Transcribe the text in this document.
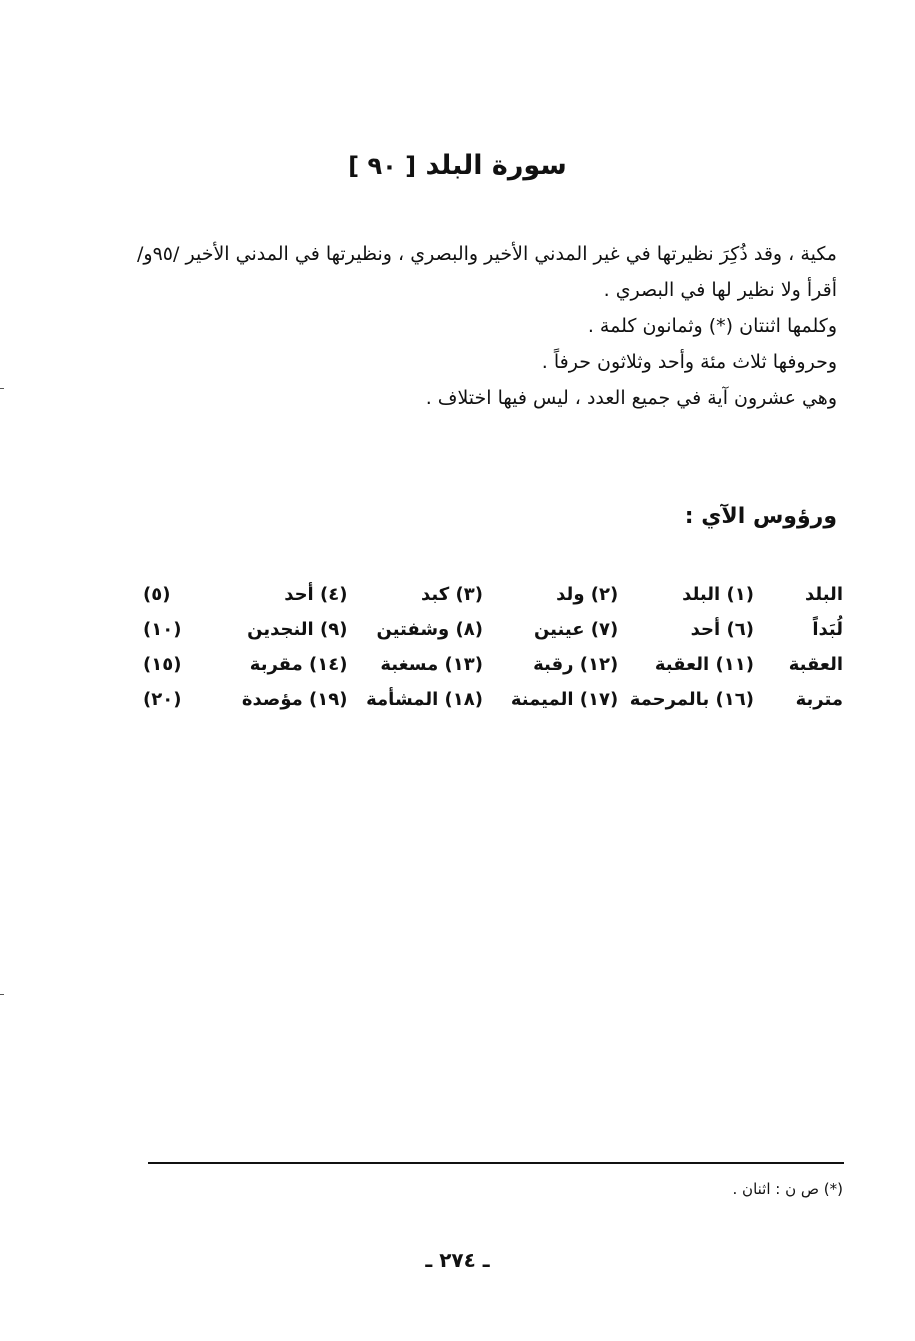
سورة البلد [ ٩٠ ]

مكية ، وقد ذُكِرَ نظيرتها في غير المدني الأخير والبصري ، ونظيرتها في المدني الأخير /٩٥و/ أقرأ ولا نظير لها في البصري .

وكلمها اثنتان (*) وثمانون كلمة .

وحروفها ثلاث مئة وأحد وثلاثون حرفاً .

وهي عشرون آية في جميع العدد ، ليس فيها اختلاف .

ورؤوس الآي :
البلد	(١) البلد	(٢) ولد	(٣) كبد	(٤) أحد	(٥)
لُبَداً	(٦) أحد	(٧) عينين	(٨) وشفتين	(٩) النجدين	(١٠)
العقبة	(١١) العقبة	(١٢) رقبة	(١٣) مسغبة	(١٤) مقربة	(١٥)
متربة	(١٦) بالمرحمة	(١٧) الميمنة	(١٨) المشأمة	(١٩) مؤصدة	(٢٠)
(*) ص ن : اثنان .
ـ ٢٧٤ ـ
